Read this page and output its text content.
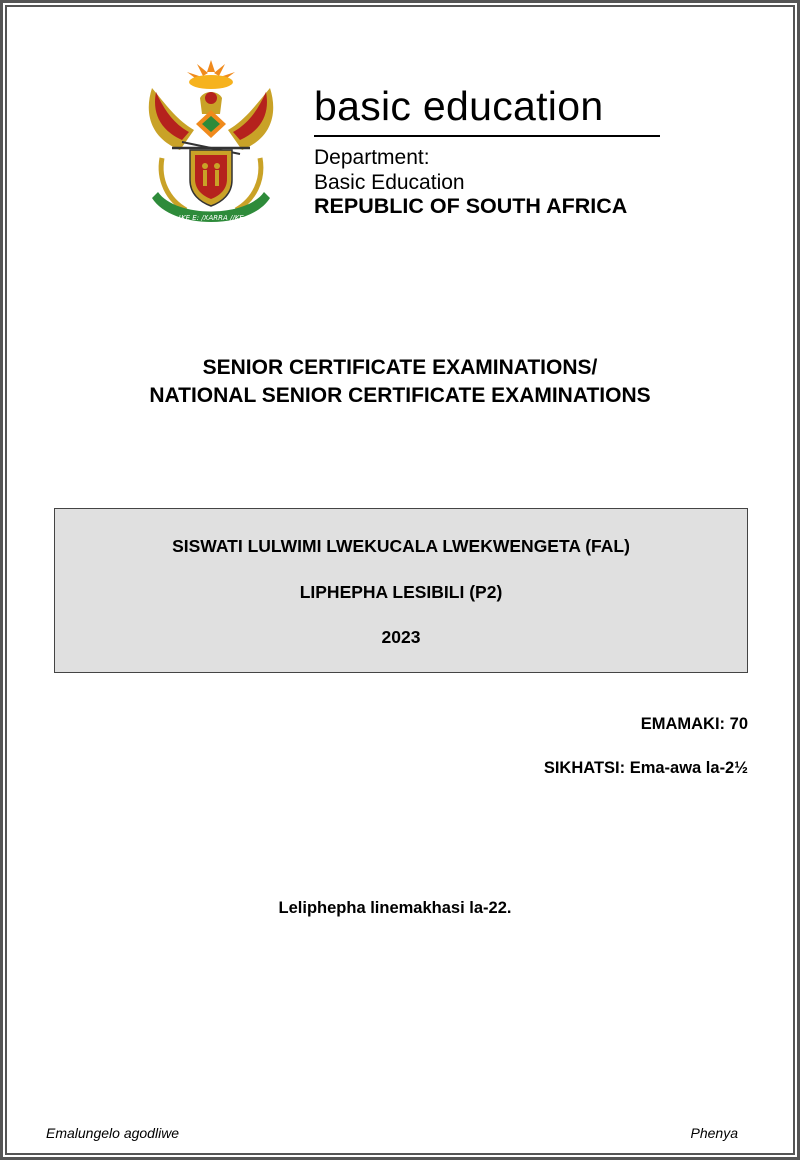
!KE E: /XARRA //KE
basic education
Department:
Basic Education
REPUBLIC OF SOUTH AFRICA
SENIOR CERTIFICATE EXAMINATIONS/
NATIONAL SENIOR CERTIFICATE EXAMINATIONS
SISWATI LULWIMI LWEKUCALA LWEKWENGETA (FAL)
LIPHEPHA LESIBILI (P2)
2023
EMAMAKI: 70
SIKHATSI: Ema-awa la-2½
Leliphepha linemakhasi la-22.
Emalungelo agodliwe	Phenya
